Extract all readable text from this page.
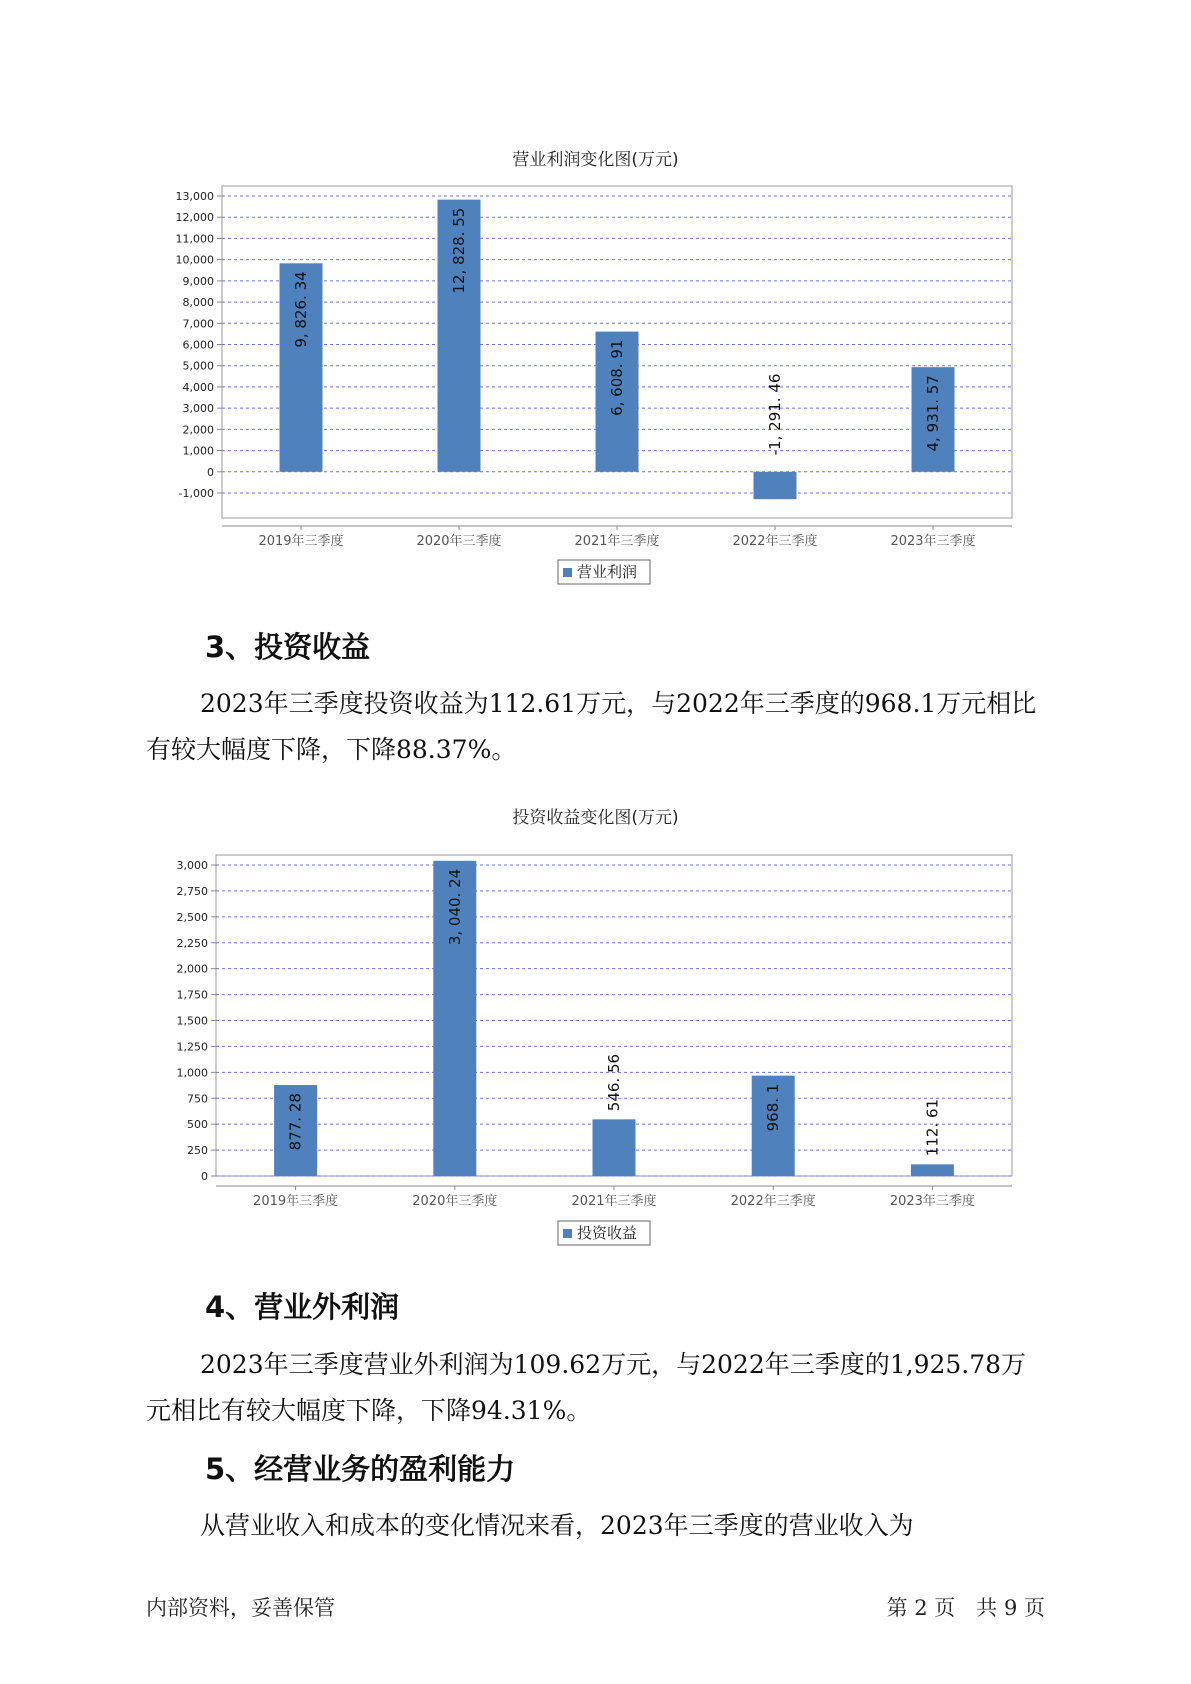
营业利润变化图(万元)
13,000
12,000
11,000
10,000
9,000
8,000
7,000
6,000
5,000
4,000
3,000
2,000
1,000
0
-1,000
9, 826. 34
2019年三季度
12, 828. 55
2020年三季度
6, 608. 91
2021年三季度
-1, 291. 46
2022年三季度
4, 931. 57
2023年三季度
营业利润
3、投资收益
2023年三季度投资收益为112.61万元，与2022年三季度的968.1万元相比有较大幅度下降，下降88.37%。
投资收益变化图(万元)
3,000
2,750
2,500
2,250
2,000
1,750
1,500
1,250
1,000
750
500
250
0
877. 28
2019年三季度
3, 040. 24
2020年三季度
546. 56
2021年三季度
968. 1
2022年三季度
112. 61
2023年三季度
投资收益
4、营业外利润
2023年三季度营业外利润为109.62万元，与2022年三季度的1,925.78万元相比有较大幅度下降，下降94.31%。
5、经营业务的盈利能力
从营业收入和成本的变化情况来看，2023年三季度的营业收入为
内部资料，妥善保管	第 2 页　共 9 页
